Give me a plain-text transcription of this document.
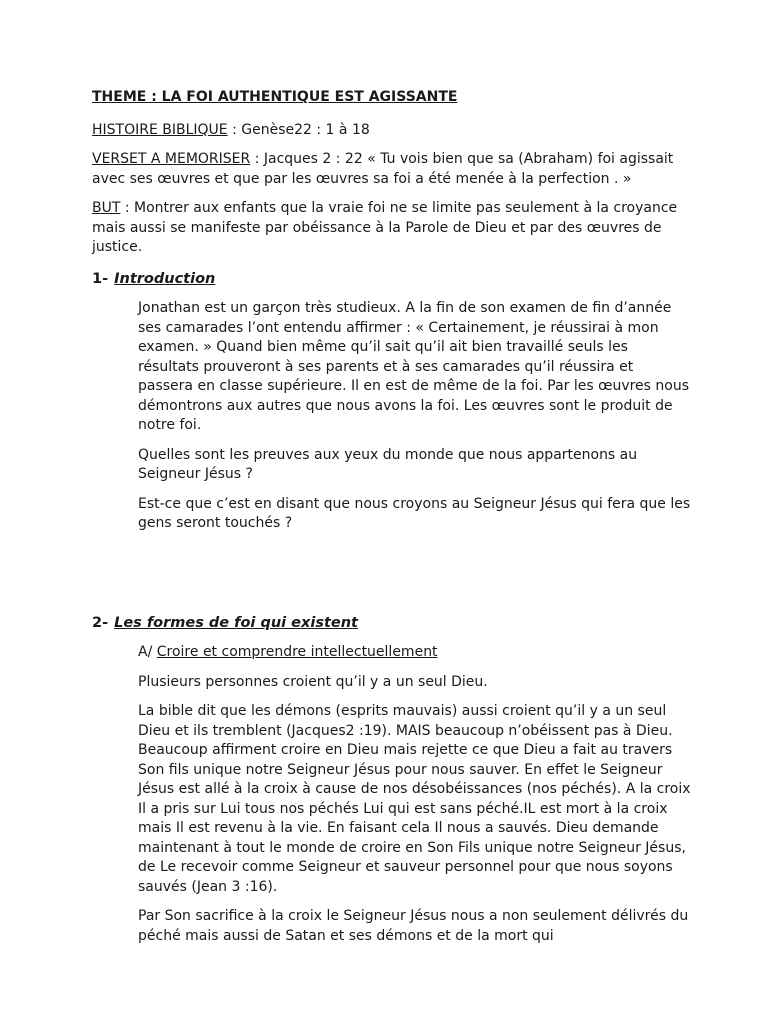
THEME : LA FOI AUTHENTIQUE EST AGISSANTE

HISTOIRE BIBLIQUE : Genèse22 : 1 à 18

VERSET A MEMORISER : Jacques 2 : 22 « Tu vois bien que sa (Abraham) foi agissait avec ses œuvres et que par les œuvres sa foi a été menée à la perfection . »

BUT : Montrer aux enfants que la vraie foi ne se limite pas seulement à la croyance mais aussi se manifeste par obéissance à la Parole de Dieu et par des œuvres de justice.

1- Introduction

Jonathan est un garçon très studieux. A la fin de son examen de fin d’année ses camarades l’ont entendu affirmer : « Certainement, je réussirai à mon examen. » Quand bien même qu’il sait qu’il ait bien travaillé seuls les résultats prouveront à ses parents et à ses camarades qu’il réussira et passera en classe supérieure. Il en est de même de la foi. Par les œuvres nous démontrons aux autres que nous avons la foi. Les œuvres sont le produit de notre foi.

Quelles sont les preuves aux yeux du monde que nous appartenons au Seigneur Jésus ?

Est-ce que c’est en disant que nous croyons au Seigneur Jésus qui fera que les gens seront touchés ?

2- Les formes de foi qui existent

A/ Croire et comprendre intellectuellement

Plusieurs personnes croient qu’il y a un seul Dieu.

La bible dit que les démons (esprits mauvais) aussi croient qu’il y a un seul Dieu et ils tremblent (Jacques2 :19). MAIS beaucoup n’obéissent pas à Dieu. Beaucoup affirment croire en Dieu mais rejette ce que Dieu a fait au travers Son fils unique notre Seigneur Jésus pour nous sauver. En effet le Seigneur Jésus est allé à la croix à cause de nos désobéissances (nos péchés). A la croix Il a pris sur Lui tous nos péchés Lui qui est sans péché.IL est mort à la croix mais Il est revenu à la vie. En faisant cela Il nous a sauvés. Dieu demande maintenant à tout le monde de croire en Son Fils unique notre Seigneur Jésus, de Le recevoir comme Seigneur et sauveur personnel pour que nous soyons sauvés (Jean 3 :16).

Par Son sacrifice à la croix le Seigneur Jésus nous a non seulement délivrés du péché mais aussi de Satan et ses démons et de la mort qui
